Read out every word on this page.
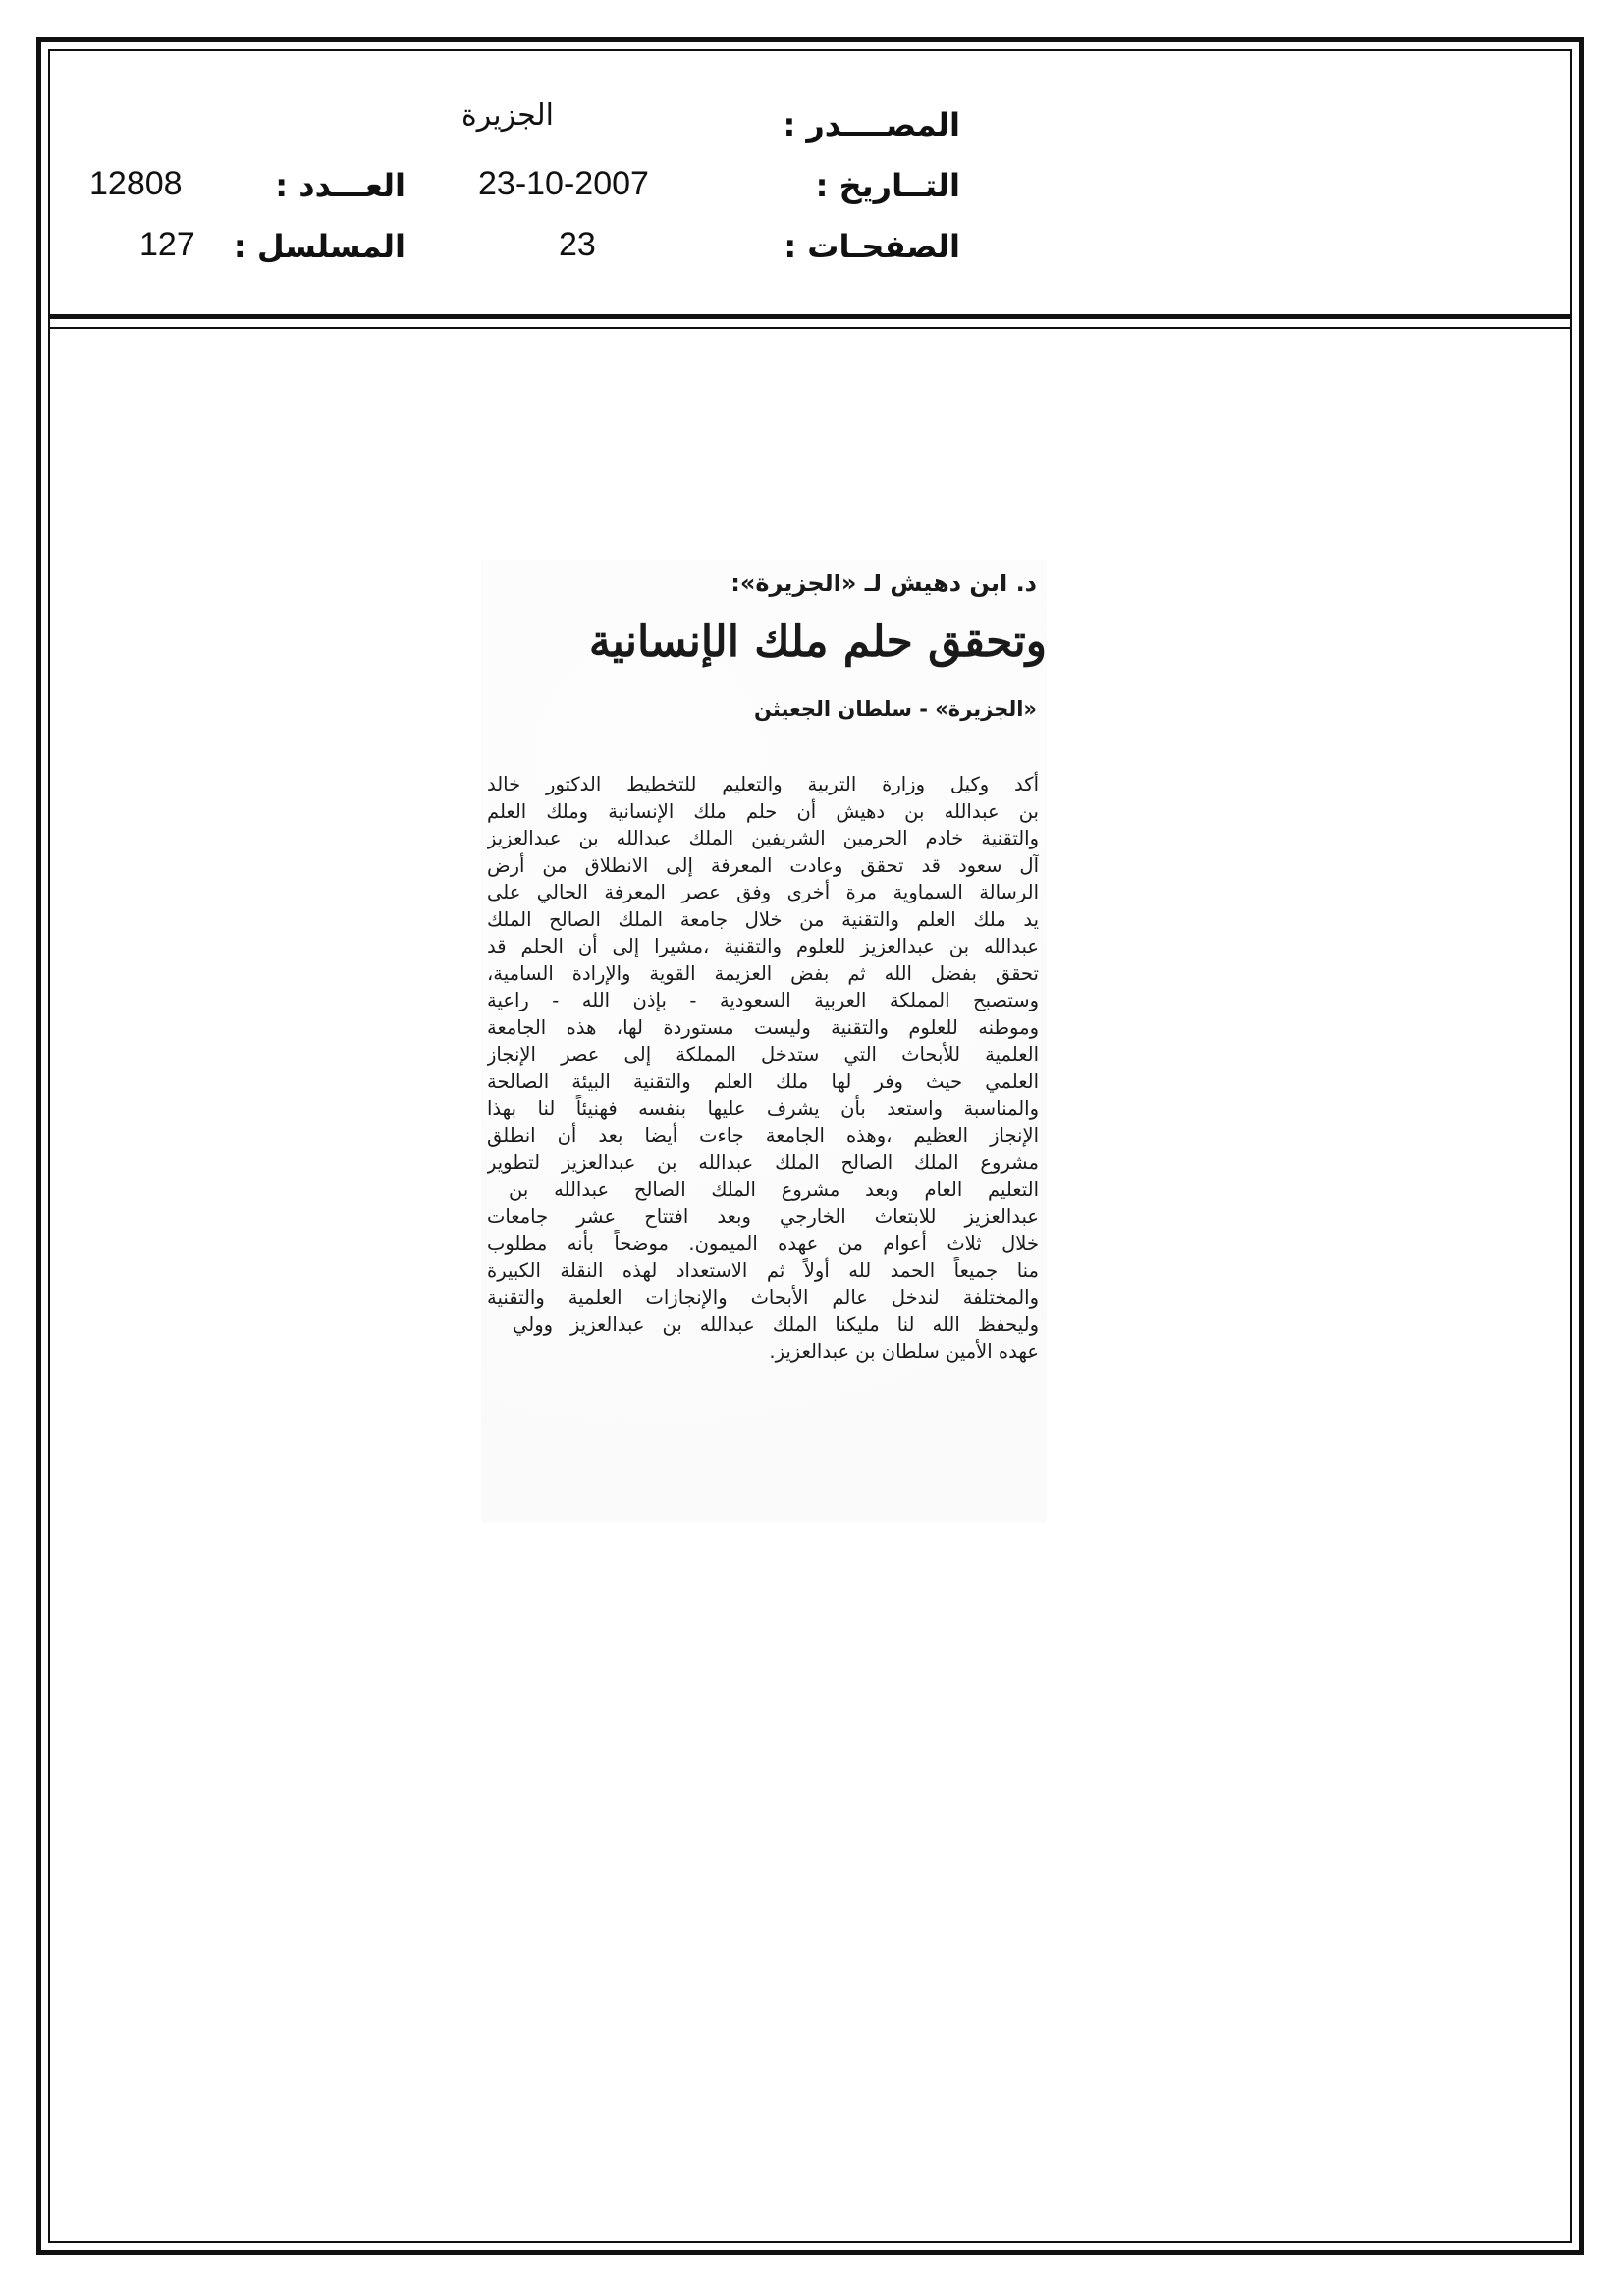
المصــــدر :
الجزيرة
التــاريخ :
23-10-2007
الصفحـات :
23
العـــدد :
12808
المسلسل :
127
د. ابن دهيش لـ «الجزيرة»:
وتحقق حلم ملك الإنسانية
«الجزيرة» - سلطان الجعيثن
أكد وكيل وزارة التربية والتعليم للتخطيط الدكتور خالد
بن عبدالله بن دهيش أن حلم ملك الإنسانية وملك العلم
والتقنية خادم الحرمين الشريفين الملك عبدالله بن عبدالعزيز
آل سعود قد تحقق وعادت المعرفة إلى الانطلاق من أرض
الرسالة السماوية مرة أخرى وفق عصر المعرفة الحالي على
يد ملك العلم والتقنية من خلال جامعة الملك الصالح الملك
عبدالله بن عبدالعزيز للعلوم والتقنية ،مشيرا إلى أن الحلم قد
تحقق بفضل الله ثم بفض العزيمة القوية والإرادة السامية،
وستصبح المملكة العربية السعودية - بإذن الله - راعية
وموطنه للعلوم والتقنية وليست مستوردة لها، هذه الجامعة
العلمية للأبحاث التي ستدخل المملكة إلى عصر الإنجاز
العلمي حيث وفر لها ملك العلم والتقنية البيئة الصالحة
والمناسبة واستعد بأن يشرف عليها بنفسه فهنيئاً لنا بهذا
الإنجاز العظيم ،وهذه الجامعة جاءت أيضا بعد أن انطلق
مشروع الملك الصالح الملك عبدالله بن عبدالعزيز لتطوير
التعليم العام وبعد مشروع الملك الصالح عبدالله بن
عبدالعزيز للابتعاث الخارجي وبعد افتتاح عشر جامعات
خلال ثلاث أعوام من عهده الميمون. موضحاً بأنه مطلوب
منا جميعاً الحمد لله أولاً ثم الاستعداد لهذه النقلة الكبيرة
والمختلفة لندخل عالم الأبحاث والإنجازات العلمية والتقنية
وليحفظ الله لنا مليكنا الملك عبدالله بن عبدالعزيز وولي
عهده الأمين سلطان بن عبدالعزيز.
